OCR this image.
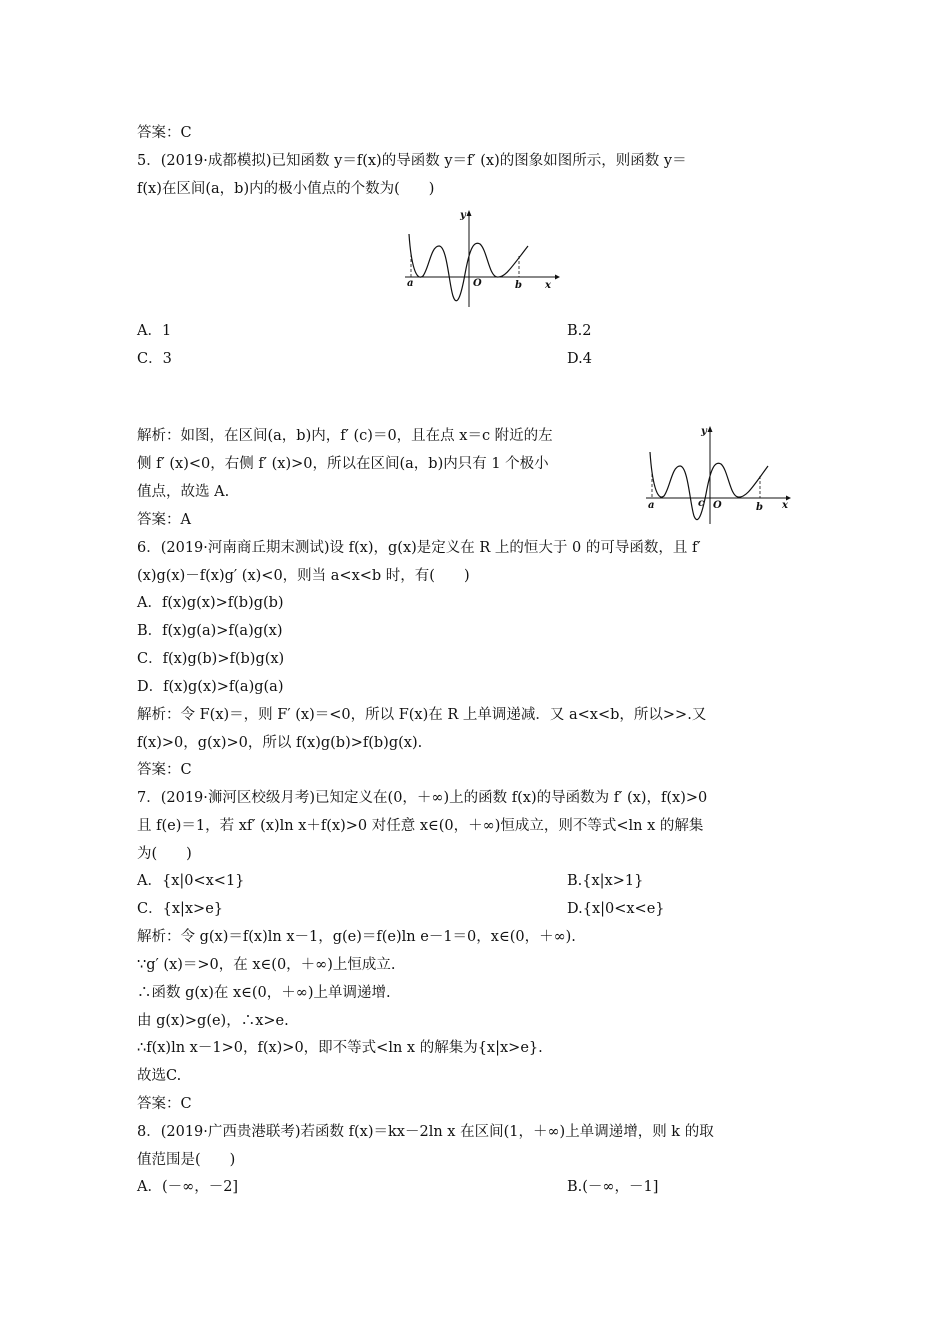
答案：C
5．(2019·成都模拟)已知函数 y＝f(x)的导函数 y＝f′ (x)的图象如图所示，则函数 y＝
f(x)在区间(a，b)内的极小值点的个数为(　　)
y
a	O	b x
A．1	B.2
C．3	D.4
解析：如图，在区间(a，b)内，f′ (c)＝0，且在点 x＝c 附近的左
侧 f′ (x)<0，右侧 f′ (x)>0，所以在区间(a，b)内只有 1 个极小
值点，故选 A.
y
a	c O	b x
答案：A
6．(2019·河南商丘期末测试)设 f(x)，g(x)是定义在 R 上的恒大于 0 的可导函数，且 f′
(x)g(x)－f(x)g′ (x)<0，则当 a<x<b 时，有(　　)
A．f(x)g(x)>f(b)g(b)
B．f(x)g(a)>f(a)g(x)
C．f(x)g(b)>f(b)g(x)
D．f(x)g(x)>f(a)g(a)
解析：令 F(x)＝，则 F′ (x)＝<0，所以 F(x)在 R 上单调递减．又 a<x<b，所以>>.又
f(x)>0，g(x)>0，所以 f(x)g(b)>f(b)g(x).
答案：C
7．(2019·浉河区校级月考)已知定义在(0，＋∞)上的函数 f(x)的导函数为 f′ (x)，f(x)>0
且 f(e)＝1，若 xf′ (x)ln x＋f(x)>0 对任意 x∈(0，＋∞)恒成立，则不等式<ln x 的解集
为(　　)
A．{x|0<x<1}	B.{x|x>1}
C．{x|x>e}	D.{x|0<x<e}
解析：令 g(x)＝f(x)ln x－1，g(e)＝f(e)ln e－1＝0，x∈(0，＋∞).
∵g′ (x)＝>0，在 x∈(0，＋∞)上恒成立.
∴函数 g(x)在 x∈(0，＋∞)上单调递增.
由 g(x)>g(e)，∴x>e.
∴f(x)ln x－1>0，f(x)>0，即不等式<ln x 的解集为{x|x>e}.
故选C.
答案：C
8．(2019·广西贵港联考)若函数 f(x)＝kx－2ln x 在区间(1，＋∞)上单调递增，则 k 的取
值范围是(　　)
A．(－∞，－2]	B.(－∞，－1]
